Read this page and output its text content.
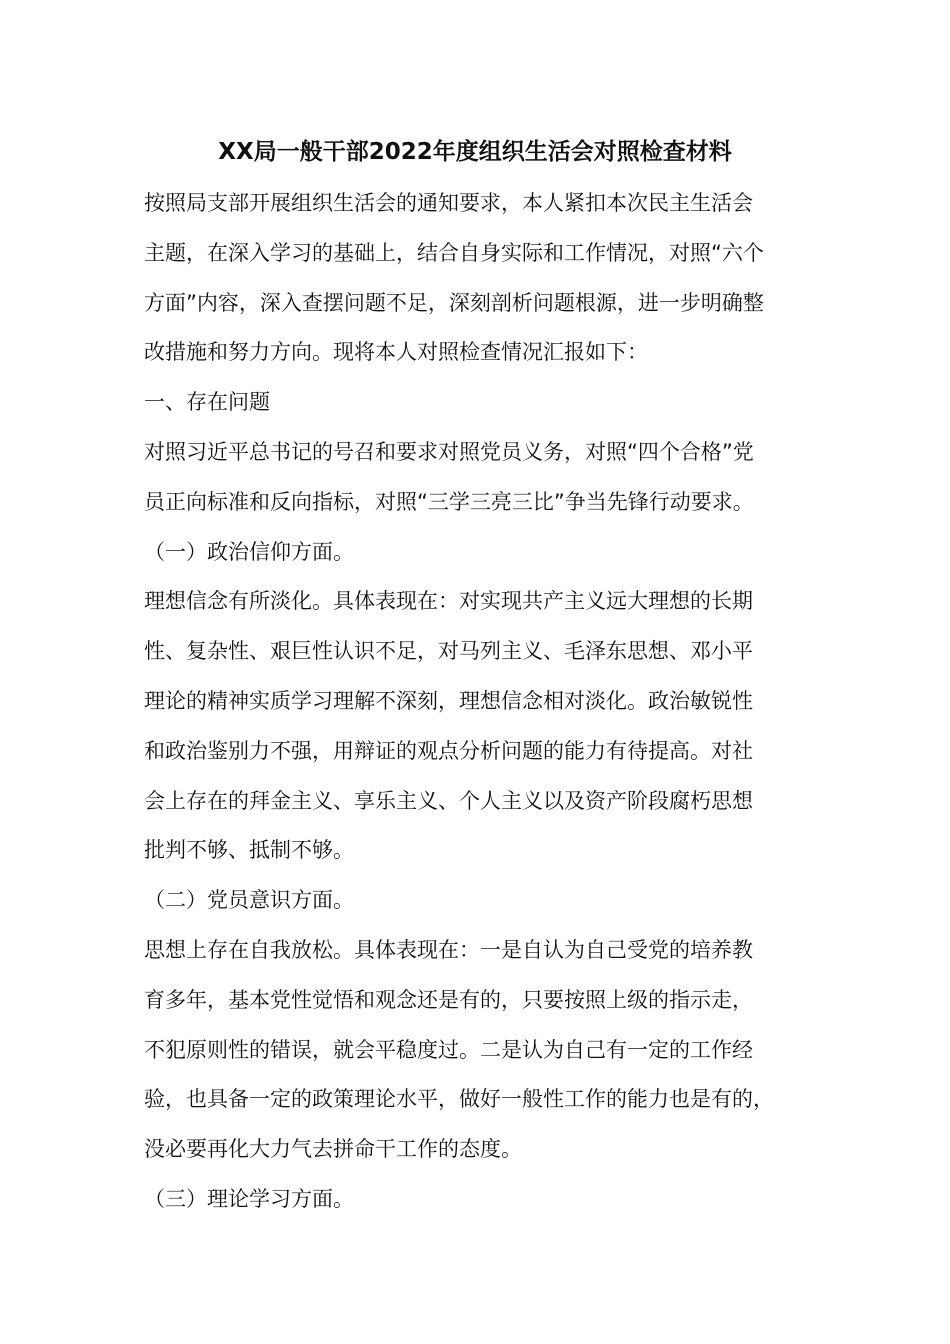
XX局一般干部2022年度组织生活会对照检查材料

按照局支部开展组织生活会的通知要求，本人紧扣本次民主生活会

主题，在深入学习的基础上，结合自身实际和工作情况，对照“六个

方面”内容，深入查摆问题不足，深刻剖析问题根源，进一步明确整

改措施和努力方向。现将本人对照检查情况汇报如下：

一、存在问题

对照习近平总书记的号召和要求对照党员义务，对照“四个合格”党

员正向标准和反向指标，对照“三学三亮三比”争当先锋行动要求。

（一）政治信仰方面。

理想信念有所淡化。具体表现在：对实现共产主义远大理想的长期

性、复杂性、艰巨性认识不足，对马列主义、毛泽东思想、邓小平

理论的精神实质学习理解不深刻，理想信念相对淡化。政治敏锐性

和政治鉴别力不强，用辩证的观点分析问题的能力有待提高。对社

会上存在的拜金主义、享乐主义、个人主义以及资产阶段腐朽思想

批判不够、抵制不够。

（二）党员意识方面。

思想上存在自我放松。具体表现在：一是自认为自己受党的培养教

育多年，基本党性觉悟和观念还是有的，只要按照上级的指示走，

不犯原则性的错误，就会平稳度过。二是认为自己有一定的工作经

验，也具备一定的政策理论水平，做好一般性工作的能力也是有的，

没必要再化大力气去拼命干工作的态度。

（三）理论学习方面。
